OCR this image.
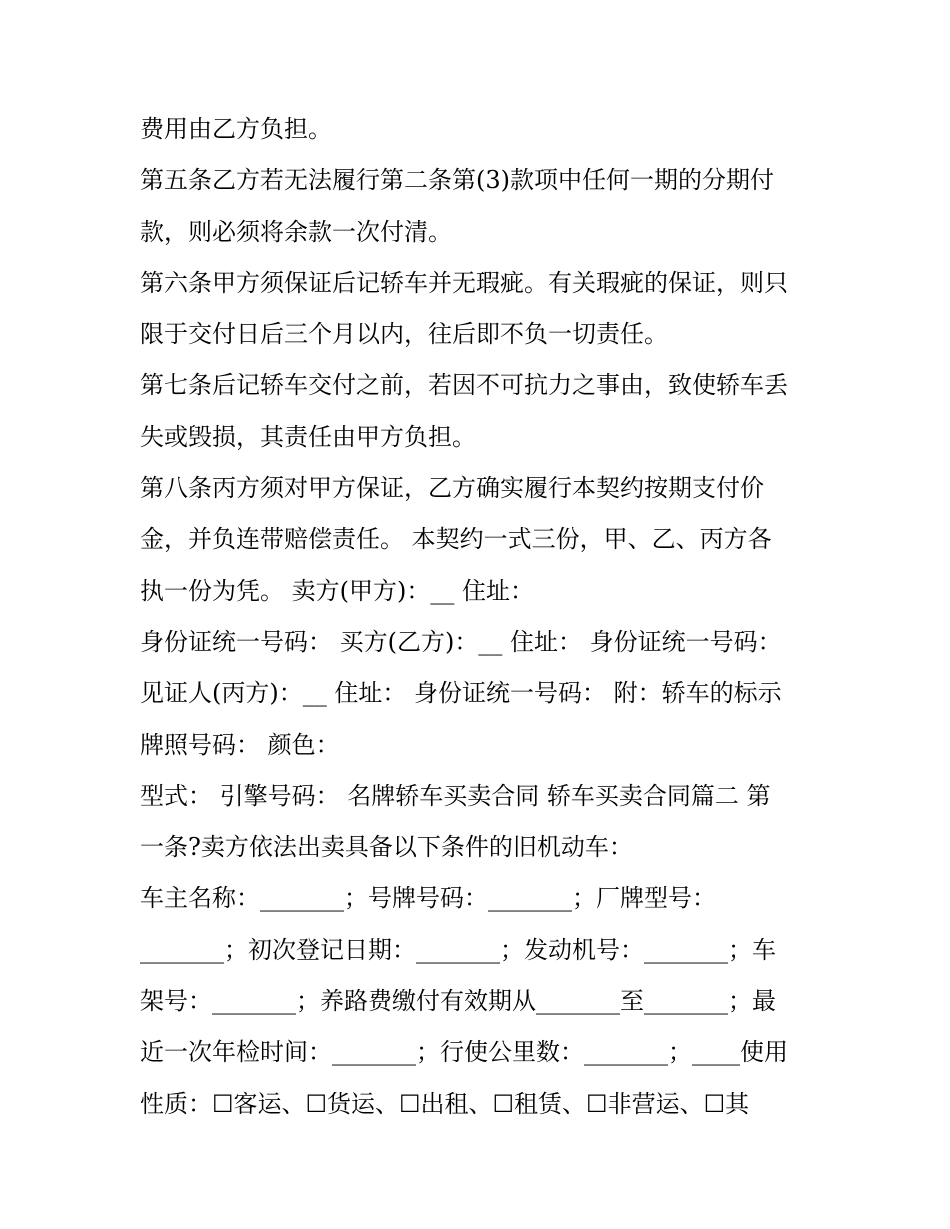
费用由乙方负担。
第五条乙方若无法履行第二条第(3)款项中任何一期的分期付
款，则必须将余款一次付清。
第六条甲方须保证后记轿车并无瑕疵。有关瑕疵的保证，则只
限于交付日后三个月以内，往后即不负一切责任。
第七条后记轿车交付之前，若因不可抗力之事由，致使轿车丢
失或毁损，其责任由甲方负担。
第八条丙方须对甲方保证，乙方确实履行本契约按期支付价
金，并负连带赔偿责任。 本契约一式三份，甲、乙、丙方各
执一份为凭。 卖方(甲方)：__ 住址：
身份证统一号码： 买方(乙方)：__ 住址： 身份证统一号码：
见证人(丙方)：__ 住址： 身份证统一号码： 附：轿车的标示
牌照号码： 颜色：
型式： 引擎号码： 名牌轿车买卖合同 轿车买卖合同篇二 第
一条?卖方依法出卖具备以下条件的旧机动车：
车主名称：_______；号牌号码：_______；厂牌型号：
_______；初次登记日期：_______；发动机号：_______；车
架号：_______；养路费缴付有效期从_______至_______；最
近一次年检时间：_______；行使公里数：_______；____使用
性质：☐客运、☐货运、☐出租、☐租赁、☐非营运、☐其
